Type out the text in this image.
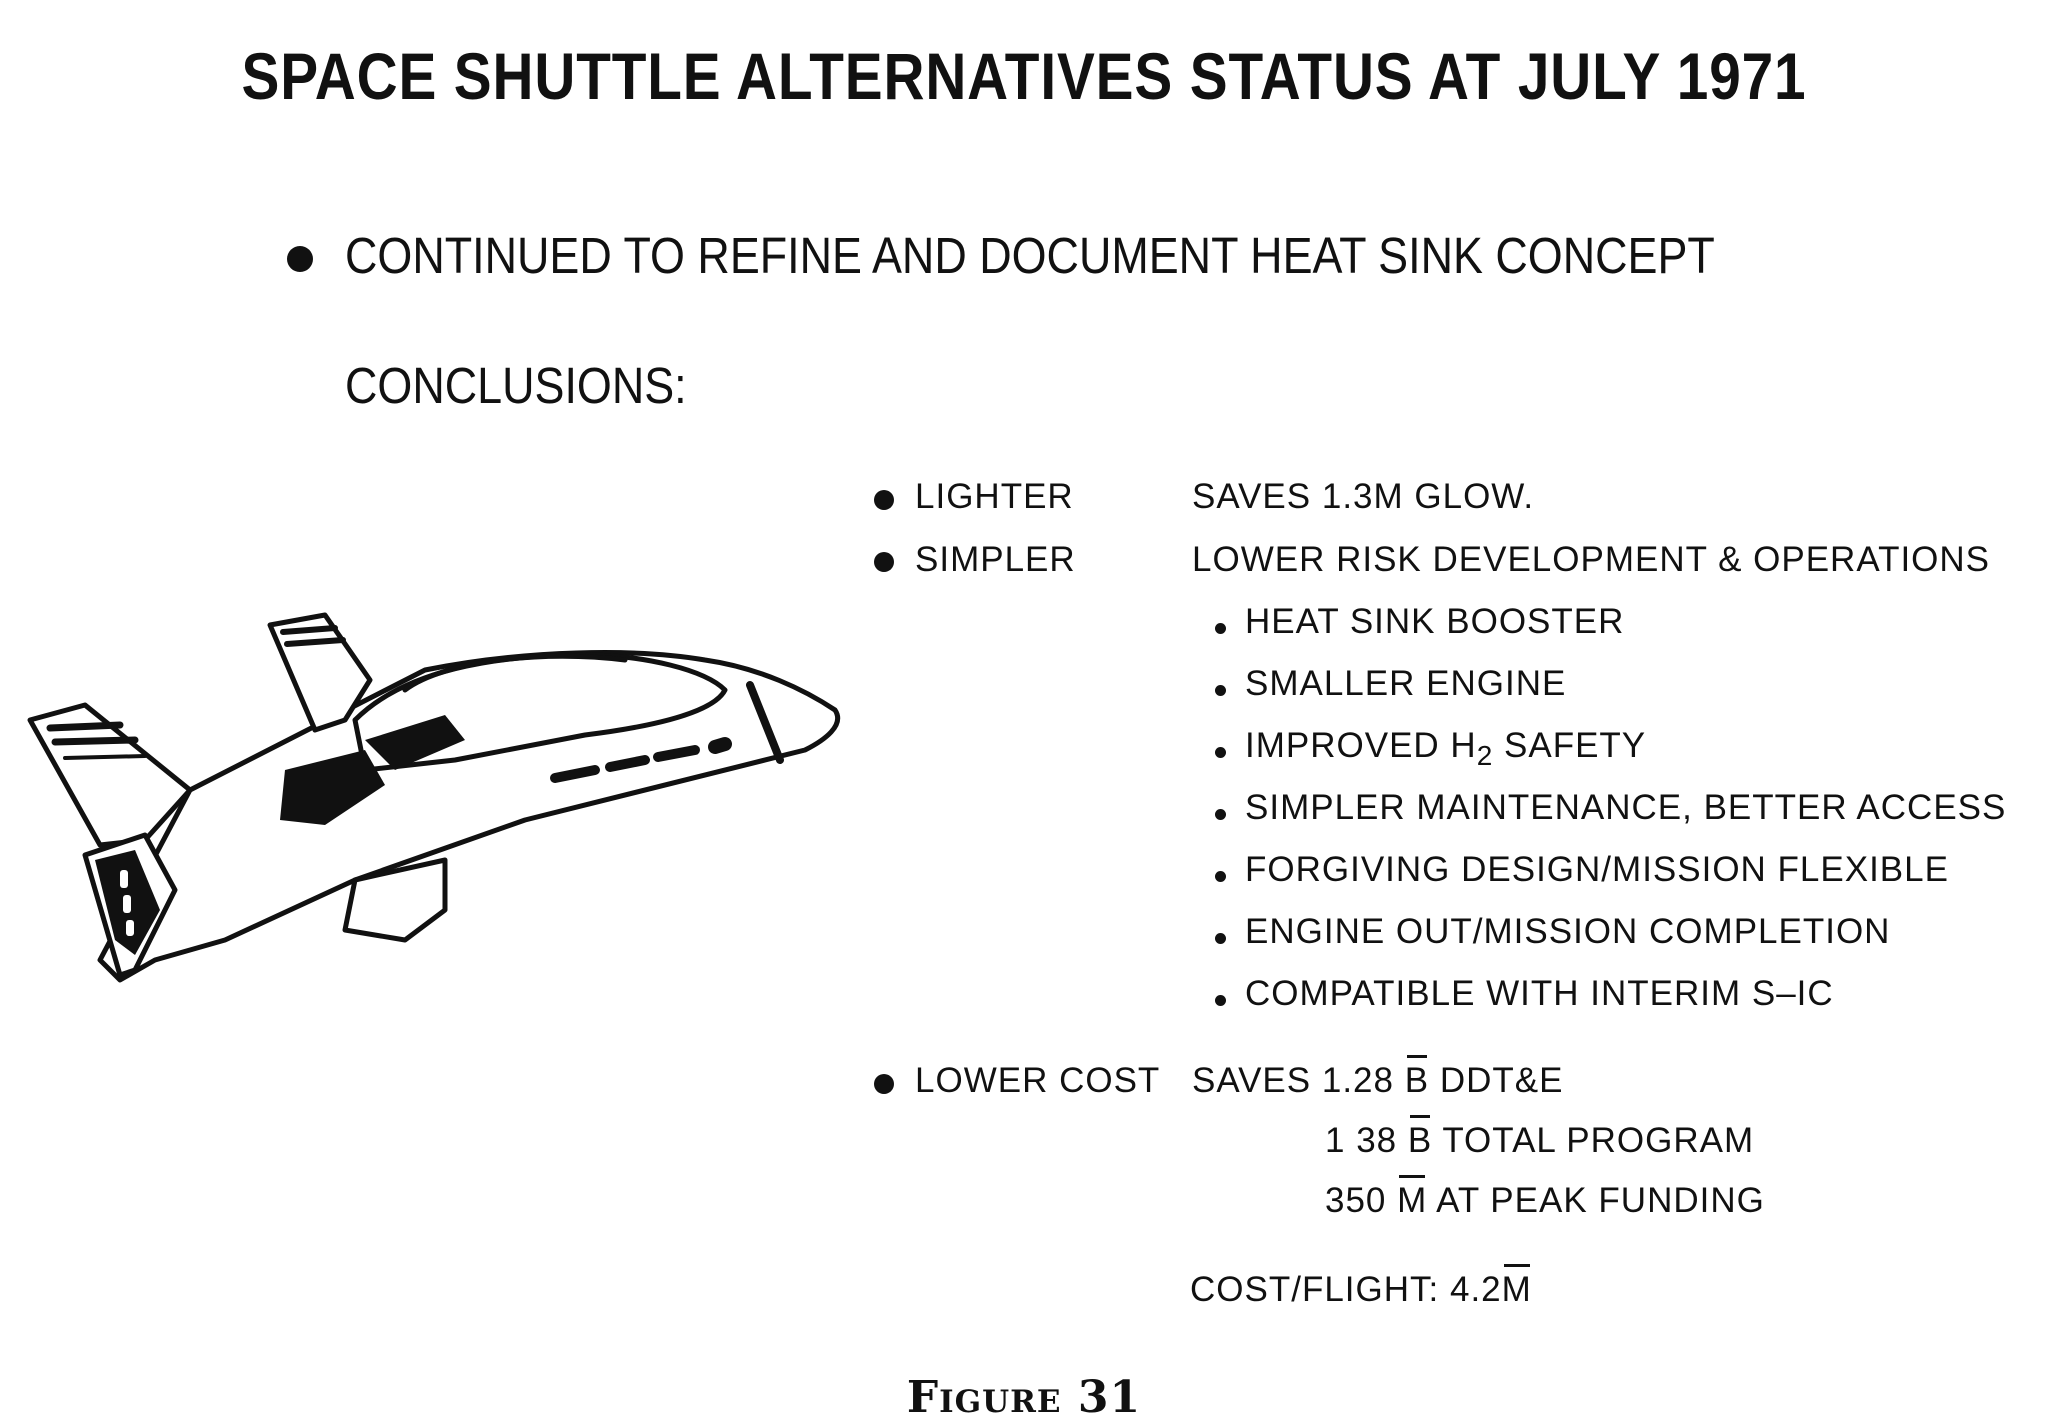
SPACE SHUTTLE ALTERNATIVES STATUS AT JULY 1971
CONTINUED TO REFINE AND DOCUMENT HEAT SINK CONCEPT
CONCLUSIONS:
LIGHTER	SAVES 1.3M GLOW.
SIMPLER	LOWER RISK DEVELOPMENT & OPERATIONS
HEAT SINK BOOSTER
SMALLER ENGINE
IMPROVED $H_2$ SAFETY
SIMPLER MAINTENANCE, BETTER ACCESS
FORGIVING DESIGN/MISSION FLEXIBLE
ENGINE OUT/MISSION COMPLETION
COMPATIBLE WITH INTERIM S–IC
LOWER COST SAVES 1.28 B DDT&E
1 38 B TOTAL PROGRAM
350 M AT PEAK FUNDING
COST/FLIGHT: 4.2M
Figure 31
